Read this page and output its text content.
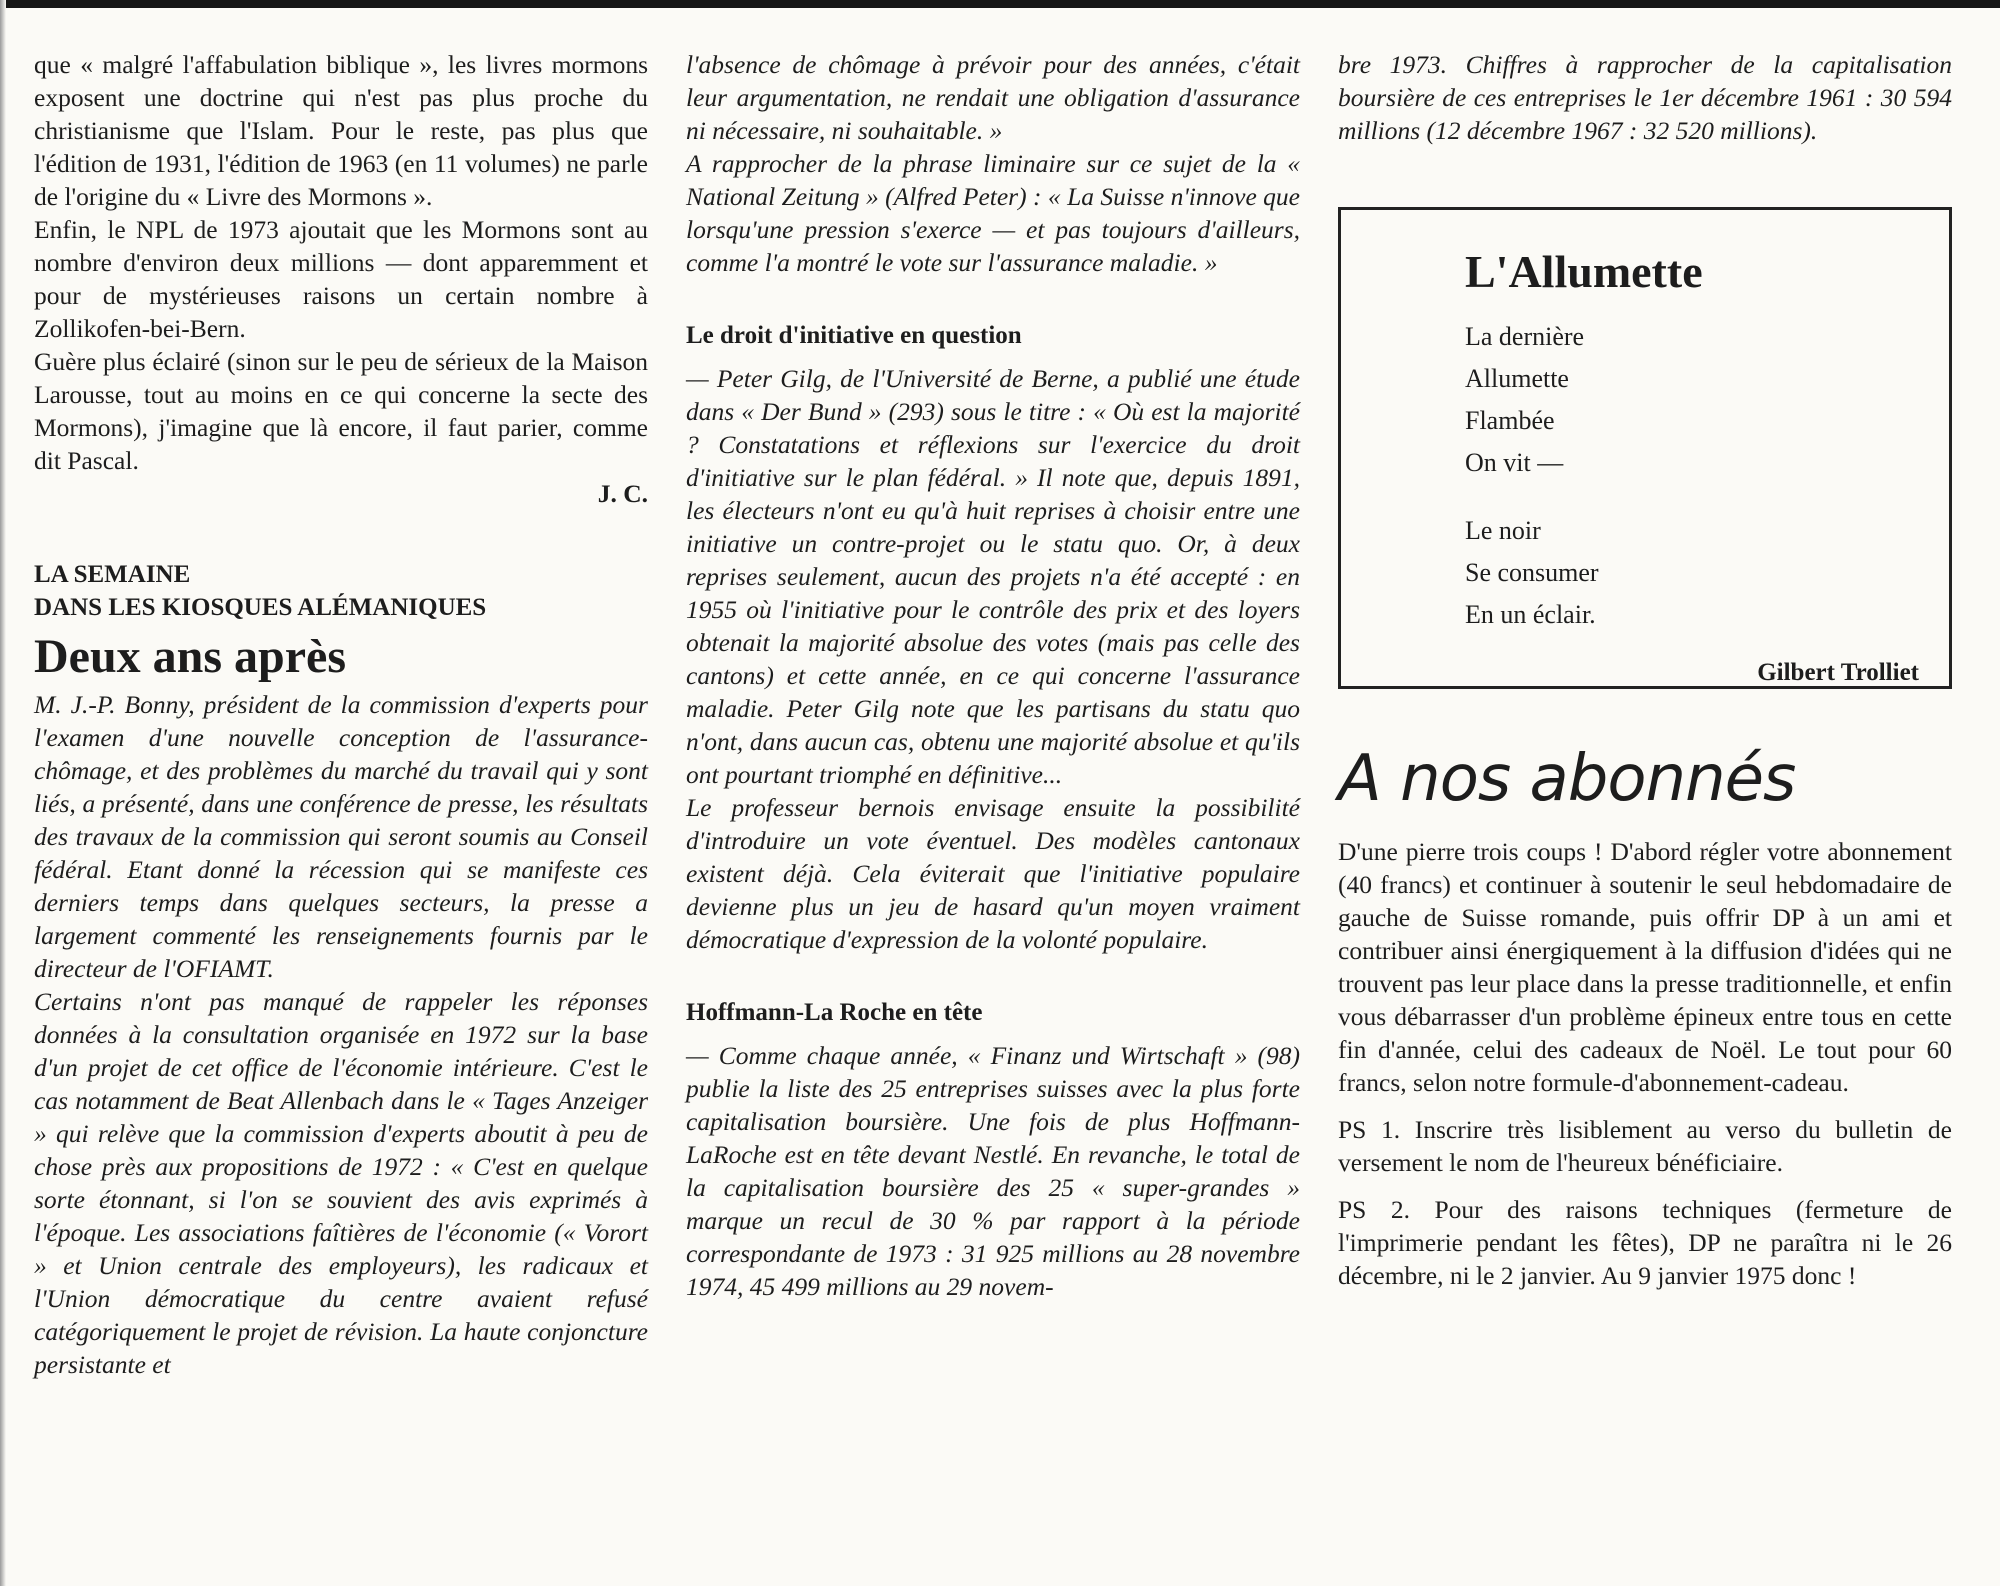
que « malgré l'affabulation biblique », les livres mormons exposent une doctrine qui n'est pas plus proche du christianisme que l'Islam. Pour le reste, pas plus que l'édition de 1931, l'édition de 1963 (en 11 volumes) ne parle de l'origine du « Livre des Mormons ».

Enfin, le NPL de 1973 ajoutait que les Mormons sont au nombre d'environ deux millions — dont apparemment et pour de mystérieuses raisons un certain nombre à Zollikofen-bei-Bern.

Guère plus éclairé (sinon sur le peu de sérieux de la Maison Larousse, tout au moins en ce qui concerne la secte des Mormons), j'imagine que là encore, il faut parier, comme dit Pascal.

J. C.

LA SEMAINE
DANS LES KIOSQUES ALÉMANIQUES
Deux ans après

M. J.-P. Bonny, président de la commission d'experts pour l'examen d'une nouvelle conception de l'assurance-chômage, et des problèmes du marché du travail qui y sont liés, a présenté, dans une conférence de presse, les résultats des travaux de la commission qui seront soumis au Conseil fédéral. Etant donné la récession qui se manifeste ces derniers temps dans quelques secteurs, la presse a largement commenté les renseignements fournis par le directeur de l'OFIAMT.

Certains n'ont pas manqué de rappeler les réponses données à la consultation organisée en 1972 sur la base d'un projet de cet office de l'économie intérieure. C'est le cas notamment de Beat Allenbach dans le « Tages Anzeiger » qui relève que la commission d'experts aboutit à peu de chose près aux propositions de 1972 : « C'est en quelque sorte étonnant, si l'on se souvient des avis exprimés à l'époque. Les associations faîtières de l'économie (« Vorort » et Union centrale des employeurs), les radicaux et l'Union démocratique du centre avaient refusé catégoriquement le projet de révision. La haute conjoncture persistante et

l'absence de chômage à prévoir pour des années, c'était leur argumentation, ne rendait une obligation d'assurance ni nécessaire, ni souhaitable. »

A rapprocher de la phrase liminaire sur ce sujet de la « National Zeitung » (Alfred Peter) : « La Suisse n'innove que lorsqu'une pression s'exerce — et pas toujours d'ailleurs, comme l'a montré le vote sur l'assurance maladie. »

Le droit d'initiative en question

— Peter Gilg, de l'Université de Berne, a publié une étude dans « Der Bund » (293) sous le titre : « Où est la majorité ? Constatations et réflexions sur l'exercice du droit d'initiative sur le plan fédéral. » Il note que, depuis 1891, les électeurs n'ont eu qu'à huit reprises à choisir entre une initiative un contre-projet ou le statu quo. Or, à deux reprises seulement, aucun des projets n'a été accepté : en 1955 où l'initiative pour le contrôle des prix et des loyers obtenait la majorité absolue des votes (mais pas celle des cantons) et cette année, en ce qui concerne l'assurance maladie. Peter Gilg note que les partisans du statu quo n'ont, dans aucun cas, obtenu une majorité absolue et qu'ils ont pourtant triomphé en définitive...

Le professeur bernois envisage ensuite la possibilité d'introduire un vote éventuel. Des modèles cantonaux existent déjà. Cela éviterait que l'initiative populaire devienne plus un jeu de hasard qu'un moyen vraiment démocratique d'expression de la volonté populaire.

Hoffmann-La Roche en tête

— Comme chaque année, « Finanz und Wirtschaft » (98) publie la liste des 25 entreprises suisses avec la plus forte capitalisation boursière. Une fois de plus Hoffmann-LaRoche est en tête devant Nestlé. En revanche, le total de la capitalisation boursière des 25 « super-grandes » marque un recul de 30 % par rapport à la période correspondante de 1973 : 31 925 millions au 28 novembre 1974, 45 499 millions au 29 novem-

bre 1973. Chiffres à rapprocher de la capitalisation boursière de ces entreprises le 1er décembre 1961 : 30 594 millions (12 décembre 1967 : 32 520 millions).

L'Allumette
La dernière
Allumette
Flambée
On vit —
Le noir
Se consumer
En un éclair.
Gilbert Trolliet
A nos abonnés

D'une pierre trois coups ! D'abord régler votre abonnement (40 francs) et continuer à soutenir le seul hebdomadaire de gauche de Suisse romande, puis offrir DP à un ami et contribuer ainsi énergiquement à la diffusion d'idées qui ne trouvent pas leur place dans la presse traditionnelle, et enfin vous débarrasser d'un problème épineux entre tous en cette fin d'année, celui des cadeaux de Noël. Le tout pour 60 francs, selon notre formule-d'abonnement-cadeau.

PS 1. Inscrire très lisiblement au verso du bulletin de versement le nom de l'heureux bénéficiaire.

PS 2. Pour des raisons techniques (fermeture de l'imprimerie pendant les fêtes), DP ne paraîtra ni le 26 décembre, ni le 2 janvier. Au 9 janvier 1975 donc !
